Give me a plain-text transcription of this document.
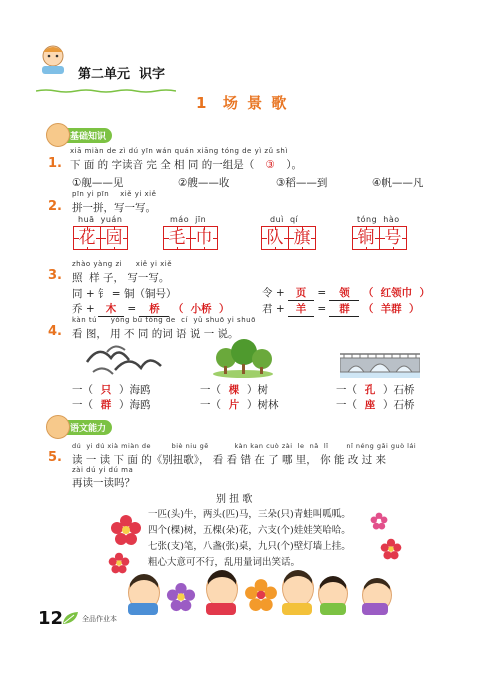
第二单元  识字
1  场 景 歌
基础知识
xiā miàn de zì dú yīn wán quán xiāng tóng de yì zǔ shì
1. 下 面 的 字读音 完 全 相 同 的一组是（ ③ ）。
①舰——见	②艘——收	③稻——到	④帆——凡
pīn yi pīn    xiě yi xiě
2. 拼一拼，写一写。
huā  yuán
花 园
máo  jīn
毛 巾
duì  qí
队 旗
tóng  hào
铜 号
zhào yàng zi     xiě yi xiě
3. 照  样 子， 写一写。
同 + 钅 = 铜（铜号）	令 + 页 = 领 （  红领巾  ）
乔 + 木 = 桥 （  小桥  ）	君 + 羊 = 群 （  羊群  ）
kàn tú     yòng bù tóng de  cí  yǔ shuō yi shuō
4. 看 图， 用 不 同 的词 语 说 一 说。
一（ 只 ）海鸥
一（ 群 ）海鸥
一（ 棵 ）树
一（ 片 ）树林
一（ 孔 ）石桥
一（ 座 ）石桥
语文能力
dú  yi dú xià miàn de        biè niu gē          kàn kan cuò zài  le  nǎ  lǐ       nǐ néng gǎi guò lái
5. 读 一 读 下 面 的《别扭歌》， 看 看 错 在 了 哪 里， 你 能 改 过 来
zài dú yi dú ma
再读一读吗？
别 扭 歌
一匹(头)牛，两头(匹)马，三朵(只)青蛙叫呱呱。
四个(棵)树，五棵(朵)花，六支(个)娃娃笑哈哈。
七张(支)笔，八盏(张)桌，九只(个)壁灯墙上挂。
粗心大意可不行，乱用量词出笑话。
12	全品作业本
